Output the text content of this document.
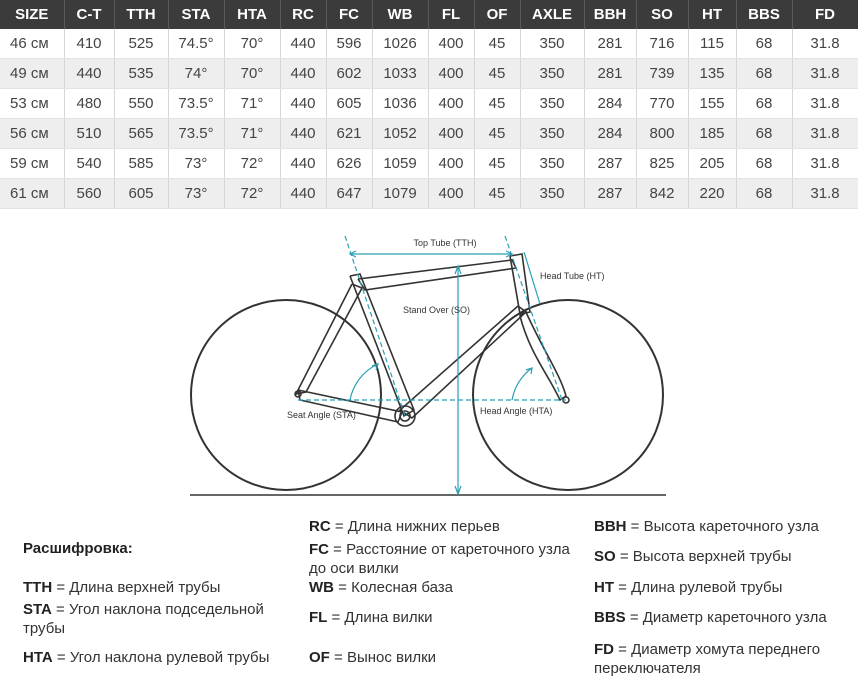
SIZE	C-T	TTH	STA	HTA	RC	FC	WB	FL	OF	AXLE	BBH	SO	HT	BBS	FD
46 см	410	525	74.5°	70°	440	596	1026	400	45	350	281	716	115	68	31.8
49 см	440	535	74°	70°	440	602	1033	400	45	350	281	739	135	68	31.8
53 см	480	550	73.5°	71°	440	605	1036	400	45	350	284	770	155	68	31.8
56 см	510	565	73.5°	71°	440	621	1052	400	45	350	284	800	185	68	31.8
59 см	540	585	73°	72°	440	626	1059	400	45	350	287	825	205	68	31.8
61 см	560	605	73°	72°	440	647	1079	400	45	350	287	842	220	68	31.8
Top Tube (TTH)
Head Tube (HT)
Stand Over (SO)
Seat Angle (STA)	Head Angle (HTA)
Расшифровка:
TTH = Длина верхней трубы
STA = Угол наклона подседельной трубы
HTA = Угол наклона рулевой трубы
RC = Длина нижних перьев
FC = Расстояние от кареточного узла до оси вилки
WB = Колесная база
FL = Длина вилки
OF = Вынос вилки
BBH = Высота кареточного узла
SO = Высота верхней трубы
HT = Длина рулевой трубы
BBS = Диаметр кареточного узла
FD = Диаметр хомута переднего переключателя
